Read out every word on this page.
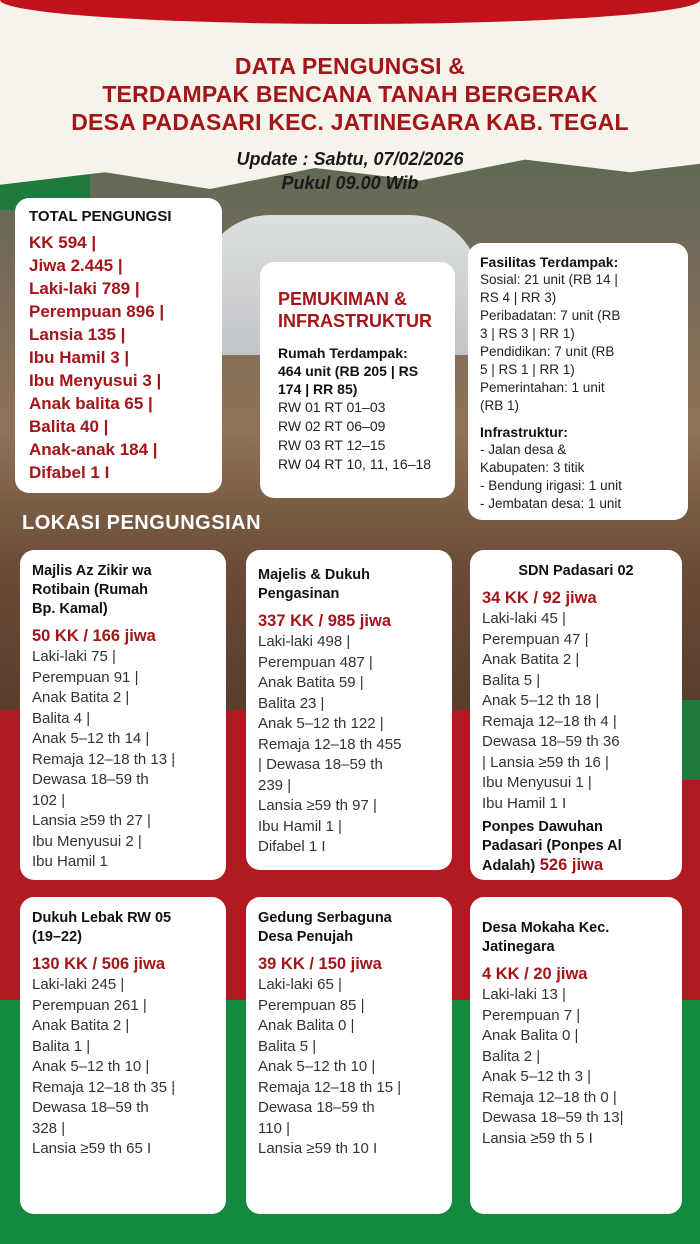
DATA PENGUNGSI &
TERDAMPAK BENCANA TANAH BERGERAK
DESA PADASARI KEC. JATINEGARA KAB. TEGAL
Update : Sabtu, 07/02/2026
Pukul 09.00 Wib
TOTAL PENGUNGSI
KK 594 |
Jiwa 2.445 |
Laki-laki 789 |
Perempuan 896 |
Lansia 135 |
Ibu Hamil 3 |
Ibu Menyusui 3 |
Anak balita 65 |
Balita 40 |
Anak-anak 184 |
Difabel 1 I
PEMUKIMAN &
INFRASTRUKTUR
Rumah Terdampak:
464 unit (RB 205 | RS
174 | RR 85)
RW 01 RT 01–03
RW 02 RT 06–09
RW 03 RT 12–15
RW 04 RT 10, 11, 16–18
Fasilitas Terdampak:
Sosial: 21 unit (RB 14 |
RS 4 | RR 3)
Peribadatan: 7 unit (RB
3 | RS 3 | RR 1)
Pendidikan: 7 unit (RB
5 | RS 1 | RR 1)
Pemerintahan: 1 unit
(RB 1)
Infrastruktur:
- Jalan desa &
Kabupaten: 3 titik
- Bendung irigasi: 1 unit
- Jembatan desa: 1 unit
LOKASI PENGUNGSIAN
Majlis Az Zikir wa
Rotibain (Rumah
Bp. Kamal)
50 KK / 166 jiwa
Laki-laki 75 |
Perempuan 91 |
Anak Batita 2 |
Balita 4 |
Anak 5–12 th 14 |
Remaja 12–18 th 13 |
Dewasa 18–59 th
102 |
Lansia ≥59 th 27 |
Ibu Menyusui 2 |
Ibu Hamil 1
Majelis & Dukuh
Pengasinan
337 KK / 985 jiwa
Laki-laki 498 |
Perempuan 487 |
Anak Batita 59 |
Balita 23 |
Anak 5–12 th 122 |
Remaja 12–18 th 455
| Dewasa 18–59 th
239 |
Lansia ≥59 th 97 |
Ibu Hamil 1 |
Difabel 1 I
SDN Padasari 02
34 KK / 92 jiwa
Laki-laki 45 |
Perempuan 47 |
Anak Batita 2 |
Balita 5 |
Anak 5–12 th 18 |
Remaja 12–18 th 4 |
Dewasa 18–59 th 36
| Lansia ≥59 th 16 |
Ibu Menyusui 1 |
Ibu Hamil 1 I
Ponpes Dawuhan
Padasari (Ponpes Al
Adalah) 526 jiwa
Dukuh Lebak RW 05
(19–22)
130 KK / 506 jiwa
Laki-laki 245 |
Perempuan 261 |
Anak Batita 2 |
Balita 1 |
Anak 5–12 th 10 |
Remaja 12–18 th 35 |
Dewasa 18–59 th
328 |
Lansia ≥59 th 65 I
Gedung Serbaguna
Desa Penujah
39 KK / 150 jiwa
Laki-laki 65 |
Perempuan 85 |
Anak Balita 0 |
Balita 5 |
Anak 5–12 th 10 |
Remaja 12–18 th 15 |
Dewasa 18–59 th
110 |
Lansia ≥59 th 10 I
Desa Mokaha Kec.
Jatinegara
4 KK / 20 jiwa
Laki-laki 13 |
Perempuan 7 |
Anak Balita 0 |
Balita 2 |
Anak 5–12 th 3 |
Remaja 12–18 th 0 |
Dewasa 18–59 th 13|
Lansia ≥59 th 5 I
